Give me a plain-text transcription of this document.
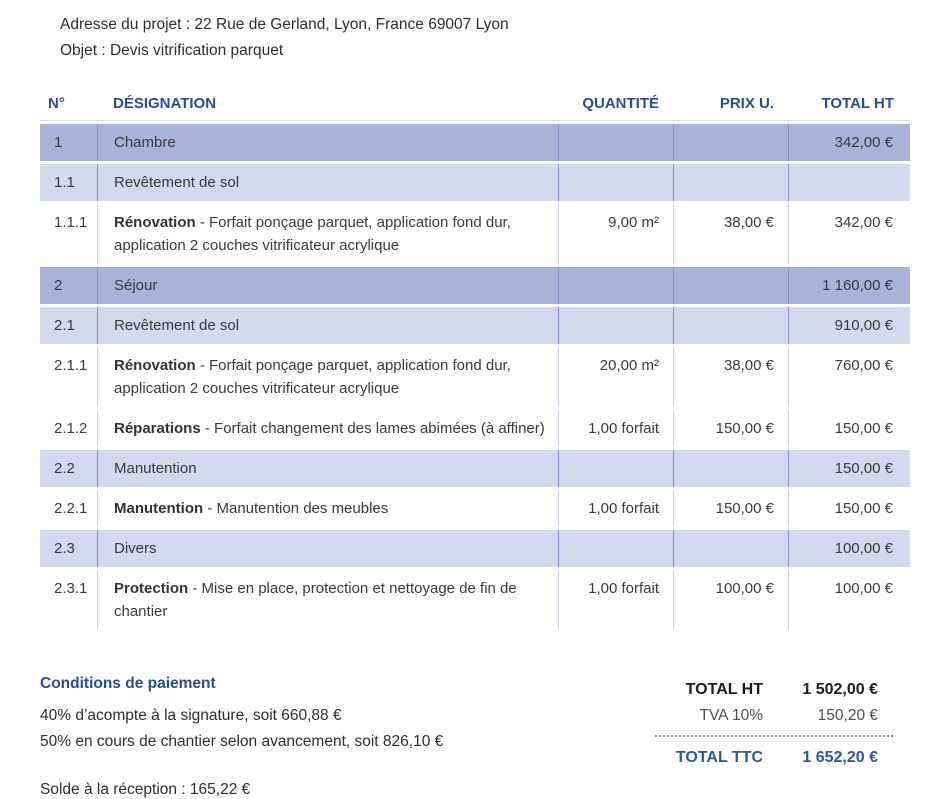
Adresse du projet : 22 Rue de Gerland, Lyon, France 69007 Lyon
Objet : Devis vitrification parquet
N°	DÉSIGNATION	QUANTITÉ	PRIX U.	TOTAL HT
1	Chambre			342,00 €
1.1	Revêtement de sol			
1.1.1	Rénovation - Forfait ponçage parquet, application fond dur, application 2 couches vitrificateur acrylique	9,00 m²	38,00 €	342,00 €
2	Séjour			1 160,00 €
2.1	Revêtement de sol			910,00 €
2.1.1	Rénovation - Forfait ponçage parquet, application fond dur, application 2 couches vitrificateur acrylique	20,00 m²	38,00 €	760,00 €
2.1.2	Réparations - Forfait changement des lames abimées (à affiner)	1,00 forfait	150,00 €	150,00 €
2.2	Manutention			150,00 €
2.2.1	Manutention - Manutention des meubles	1,00 forfait	150,00 €	150,00 €
2.3	Divers			100,00 €
2.3.1	Protection - Mise en place, protection et nettoyage de fin de chantier	1,00 forfait	100,00 €	100,00 €
Conditions de paiement
40% d’acompte à la signature, soit 660,88 €
50% en cours de chantier selon avancement, soit 826,10 €
Solde à la réception : 165,22 €
TOTAL HT	1 502,00 €
TVA 10%	150,20 €
TOTAL TTC	1 652,20 €
